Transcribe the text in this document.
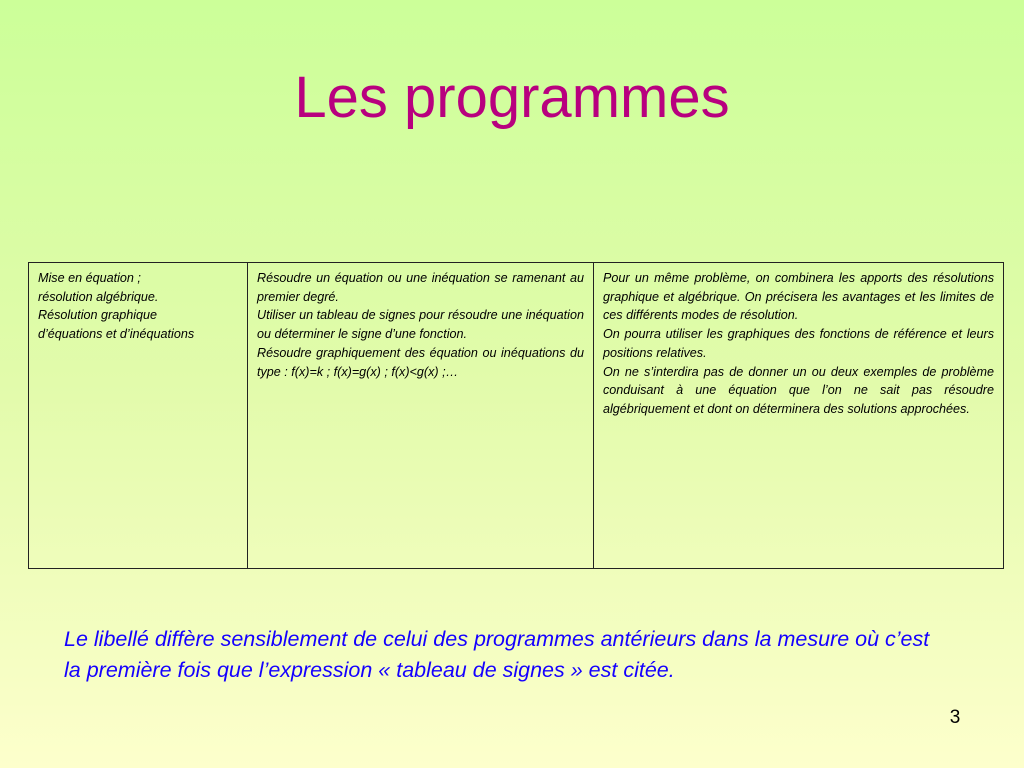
Les programmes
Mise en équation ;
résolution algébrique.
Résolution graphique
d’équations et d’inéquations

Résoudre un équation ou une inéquation se ramenant au premier degré.
Utiliser un tableau de signes pour résoudre une inéquation ou déterminer le signe d’une fonction.
Résoudre graphiquement des équation ou inéquations du type : f(x)=k ; f(x)=g(x) ; f(x)<g(x) ;…

Pour un même problème, on combinera les apports des résolutions graphique et algébrique. On précisera les avantages et les limites de ces différents modes de résolution.
On pourra utiliser les graphiques des fonctions de référence et leurs positions relatives.
On ne s’interdira pas de donner un ou deux exemples de problème conduisant à une équation que l’on ne sait pas résoudre algébriquement et dont on déterminera des solutions approchées.
Le libellé diffère sensiblement de celui des programmes antérieurs dans la mesure où c’est la première fois que l’expression « tableau de signes » est citée.
3
